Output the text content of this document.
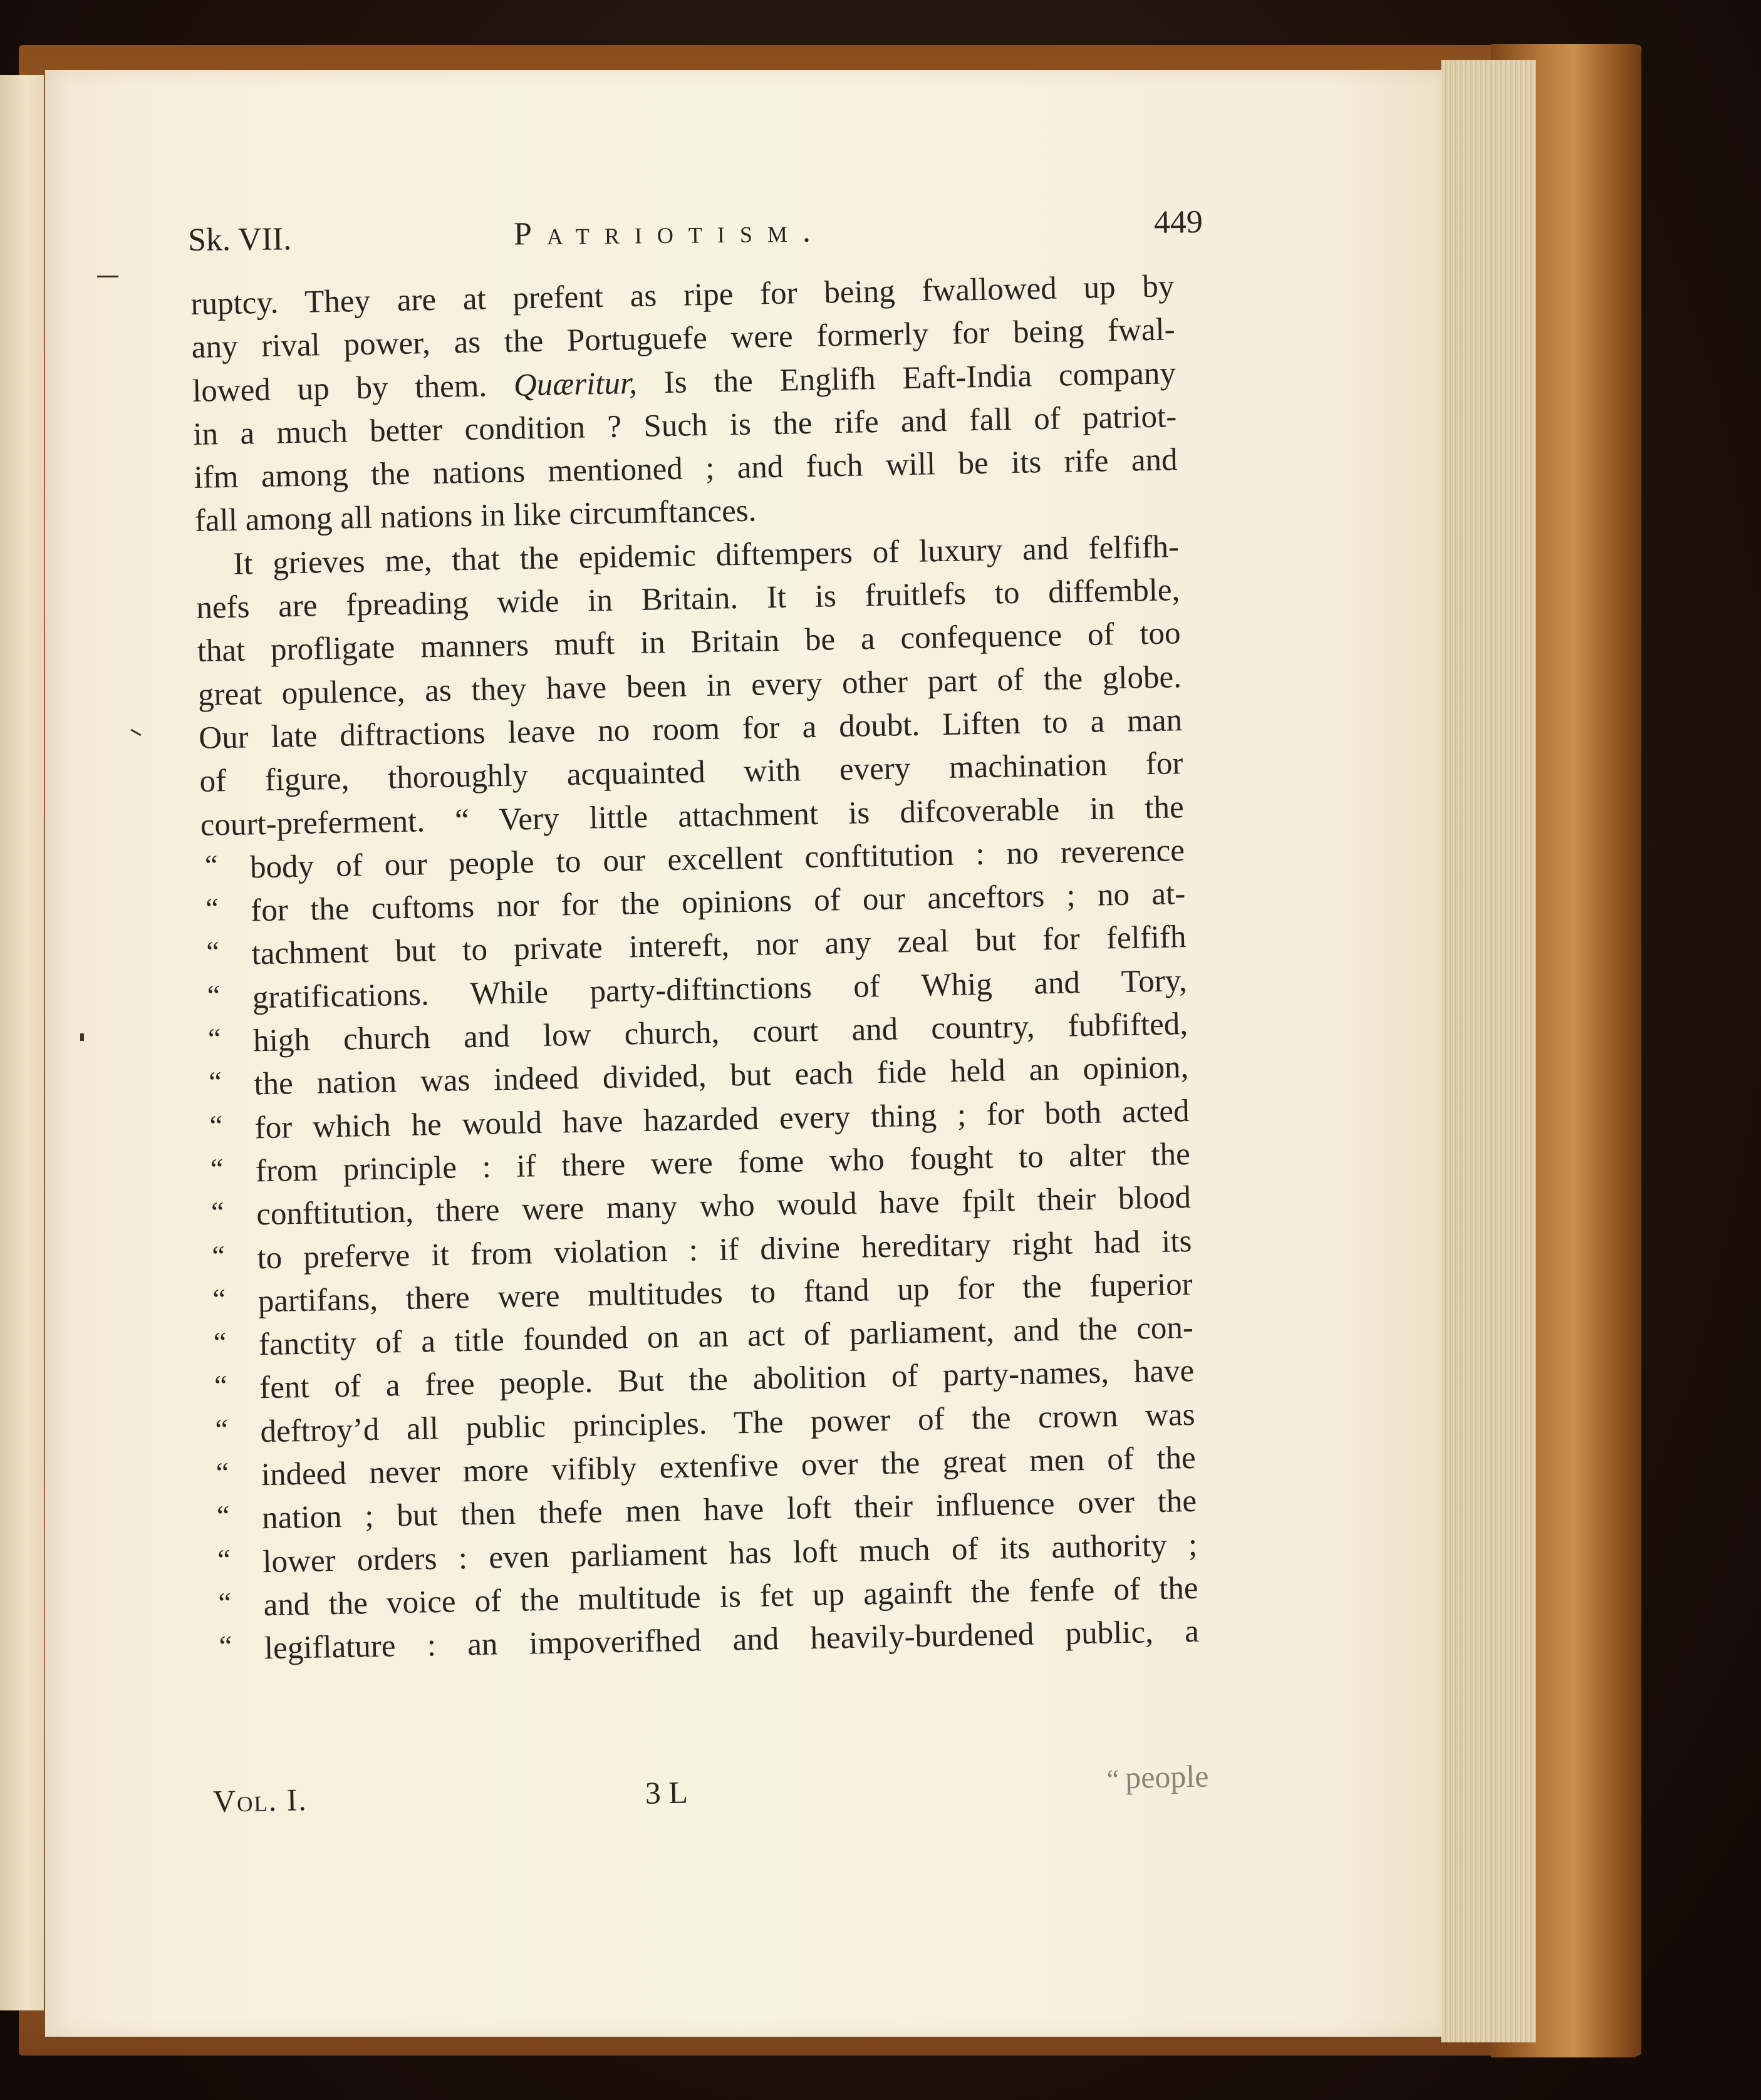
Sk. VII.	Patriotism.	449
ruptcy. They are at prefent as ripe for being fwallowed up by
any rival power, as the Portuguefe were formerly for being fwal-
lowed up by them. Quæritur, Is the Englifh Eaft-India company
in a much better condition ? Such is the rife and fall of patriot-
ifm among the nations mentioned ; and fuch will be its rife and
fall among all nations in like circumftances.
It grieves me, that the epidemic diftempers of luxury and felfifh-
nefs are fpreading wide in Britain. It is fruitlefs to diffemble,
that profligate manners muft in Britain be a confequence of too
great opulence, as they have been in every other part of the globe.
Our late diftractions leave no room for a doubt. Liften to a man
of figure, thoroughly acquainted with every machination for
court-preferment. “ Very little attachment is difcoverable in the
“ body of our people to our excellent conftitution : no reverence
“ for the cuftoms nor for the opinions of our anceftors ; no at-
“ tachment but to private intereft, nor any zeal but for felfifh
“ gratifications. While party-diftinctions of Whig and Tory,
“ high church and low church, court and country, fubfifted,
“ the nation was indeed divided, but each fide held an opinion,
“ for which he would have hazarded every thing ; for both acted
“ from principle : if there were fome who fought to alter the
“ conftitution, there were many who would have fpilt their blood
“ to preferve it from violation : if divine hereditary right had its
“ partifans, there were multitudes to ftand up for the fuperior
“ fanctity of a title founded on an act of parliament, and the con-
“ fent of a free people. But the abolition of party-names, have
“ deftroy’d all public principles. The power of the crown was
“ indeed never more vifibly extenfive over the great men of the
“ nation ; but then thefe men have loft their influence over the
“ lower orders : even parliament has loft much of its authority ;
“ and the voice of the multitude is fet up againft the fenfe of the
“ legiflature : an impoverifhed and heavily-burdened public, a
Vol. I.	3 L	“ people
